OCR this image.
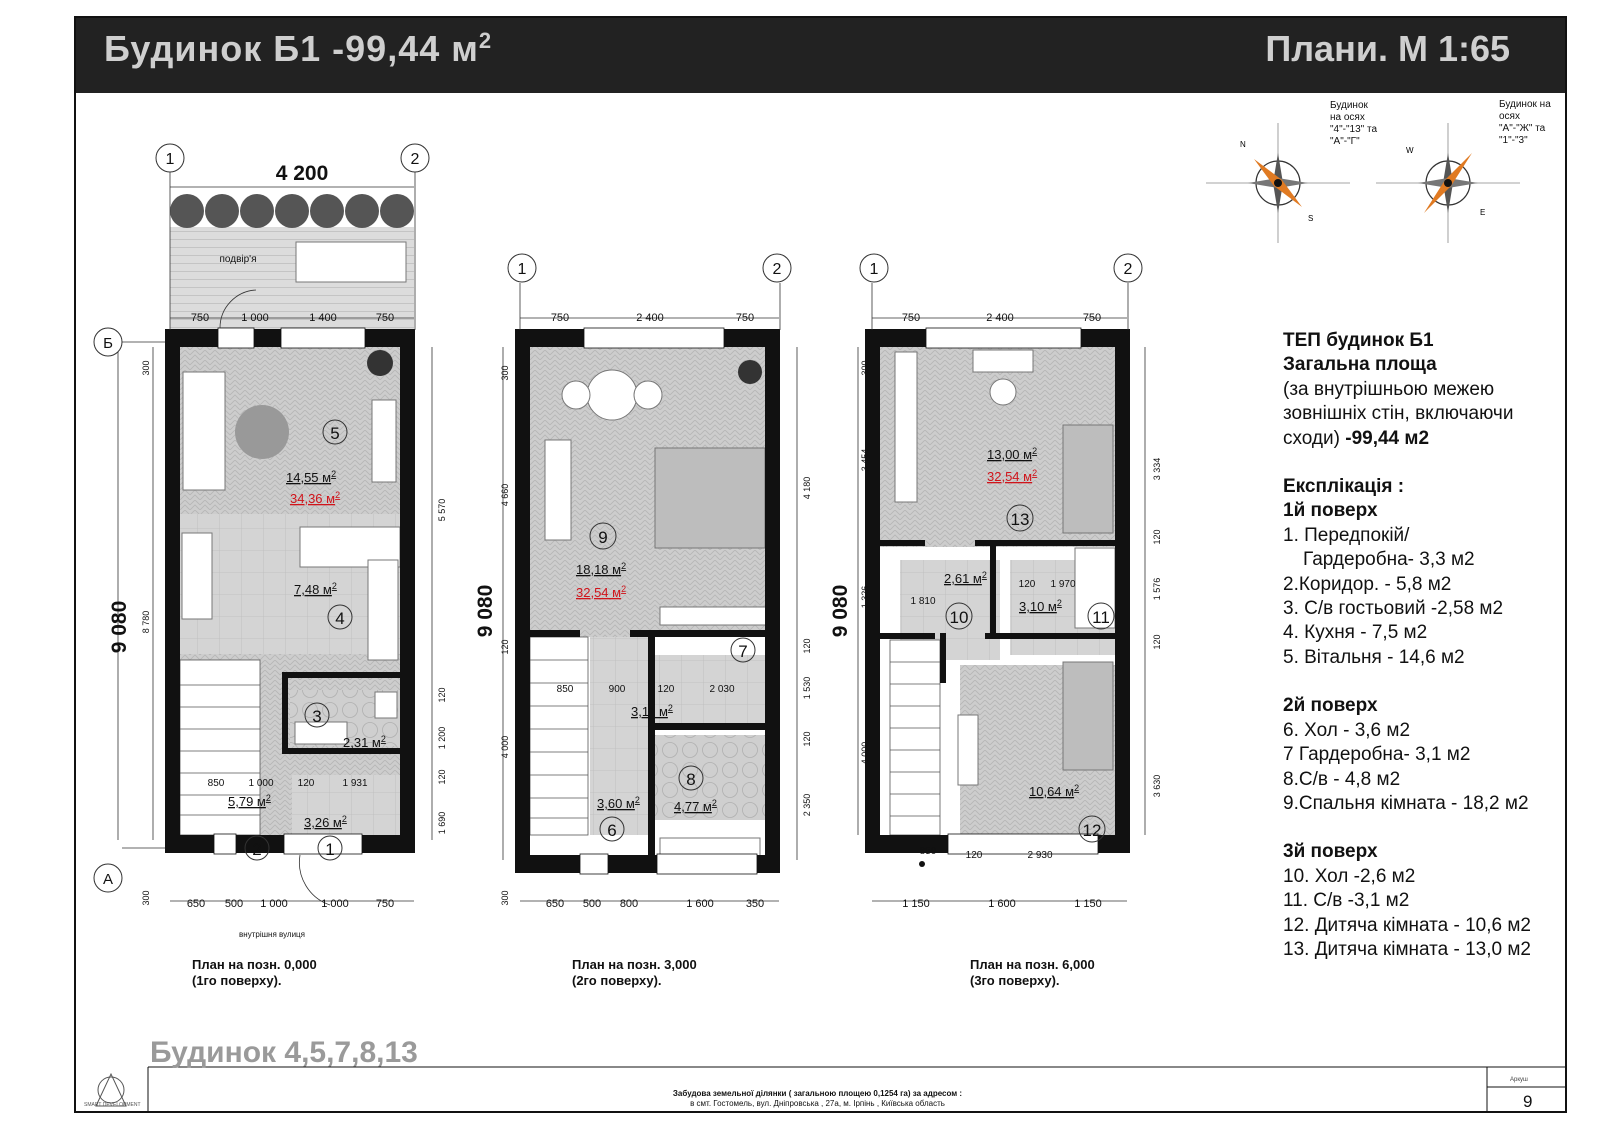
Будинок Б1 -99,44 $м^2$	Плани. М 1:65
Будинок
на осях
"4"-"13" та
"А"-"Г"
Будинок на
осях
"А"-"Ж" та
"1"-"3"
1	2
Б
А
4 200
подвір'я
внутрішня вулиця
750	1 000	1 400	750
650 500 1 000	1 000 750
9 080
300
8 780
300
5 570
120
1 200
120
1 690
850 1 000 120	1 931
5
4
3
2	1
14,55 $м^2$
34,36 $м^2$
7,48 $м^2$
2,31 $м^2$
5,79 $м^2$
3,26 $м^2$
1	2
750	2 400	750
650 500 800	1 600	350
9 080
300
4 660
120
4 000
300
4 180
120
1 530
120
2 350
850	900	120	2 030
9
7
6
8
18,18 $м^2$
32,54 $м^2$
3,11 $м^2$
3,60 $м^2$	4,77 $м^2$
1	2
750	2 400	750
1 150	1 600	1 150
9 080
300
3 454
1 326
4 000
3 334
120
1 576
120
3 630
1 810
120 1 970
850	120	2 930
13
10	11
12
13,00 $м^2$
32,54 $м^2$
2,61 $м^2$
3,10 $м^2$
10,64 $м^2$
N
S
W
E
План на позн. 0,000
(1го поверху).
План на позн. 3,000
(2го поверху).
План на позн. 6,000
(3го поверху).
ТЕП будинок Б1
Загальна площа
(за внутрішньою межею
зовнішніх стін, включаючи
сходи) -99,44 м2
Експлікація :
1й поверх
1. Передпокій/
Гардеробна- 3,3 м2
2.Коридор. - 5,8 м2
3. С/в гостьовий -2,58 м2
4. Кухня - 7,5 м2
5. Вітальня - 14,6 м2
2й поверх
6. Хол - 3,6 м2
7 Гардеробна- 3,1 м2
8.С/в - 4,8 м2
9.Спальня кімната - 18,2 м2
3й поверх
10. Хол -2,6 м2
11. С/в -3,1 м2
12. Дитяча кімната - 10,6 м2
13. Дитяча кімната - 13,0 м2
Будинок 4,5,7,8,13
Забудова земельної ділянки ( загальною площею 0,1254 га) за адресом :
в смт. Гостомель, вул. Дніпровська , 27а, м. Ірпінь , Київська область
Аркуш
9
SMART DEVELOPMENT
